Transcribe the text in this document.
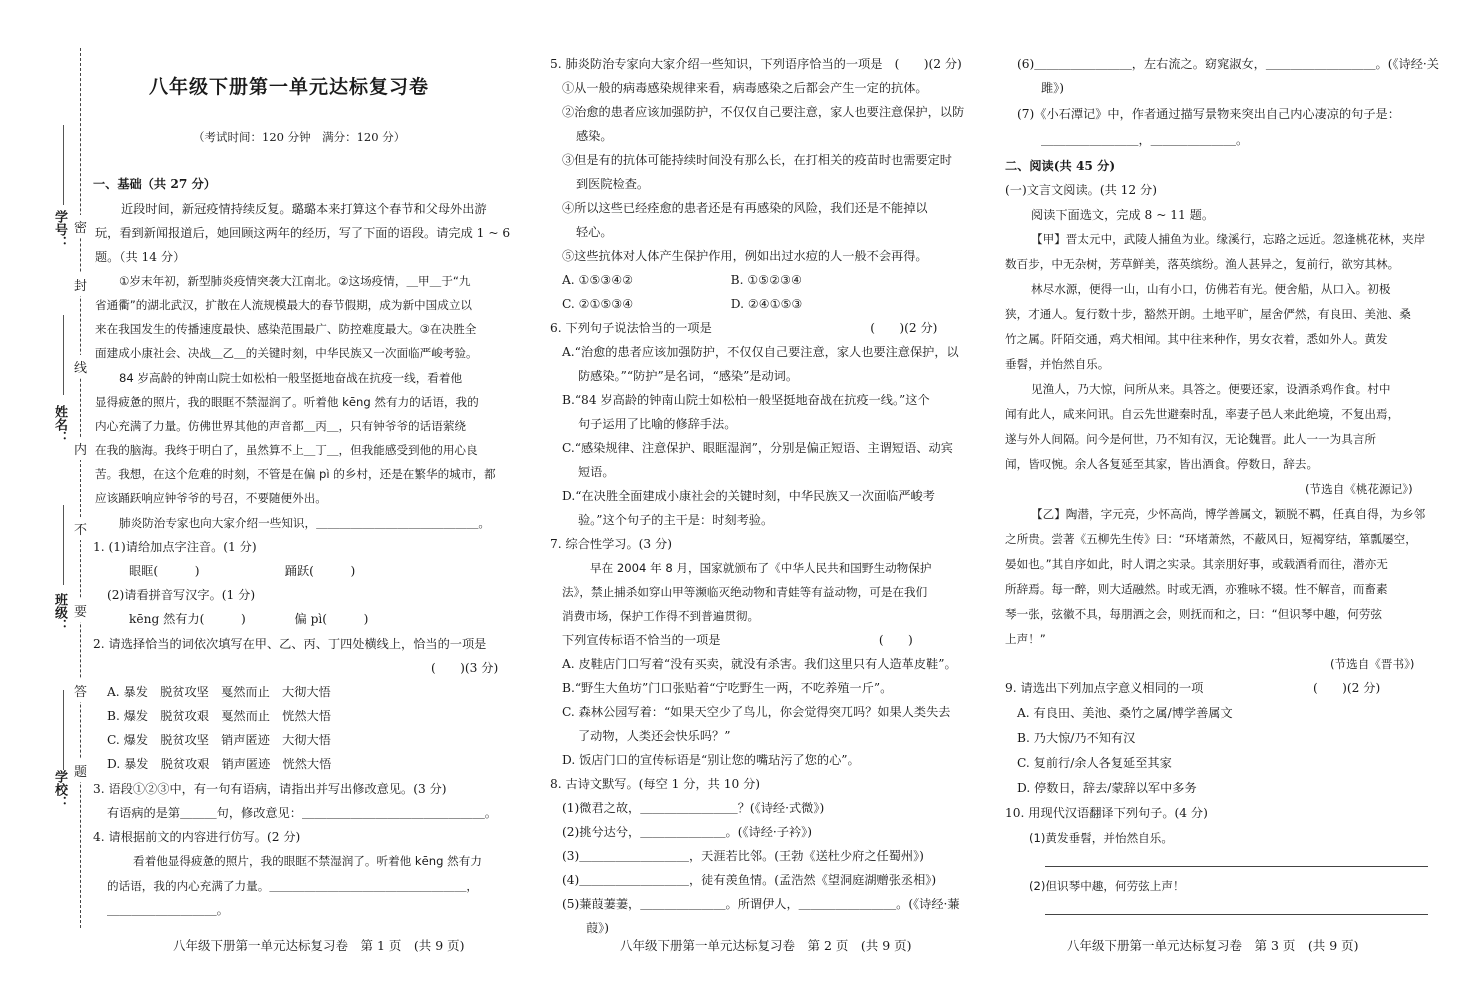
密
封
线
内
不
要
答
题
学号：
姓名：
班级：
学校：
八年级下册第一单元达标复习卷
（考试时间：120 分钟　满分：120 分）
一、基础（共 27 分）
近段时间，新冠疫情持续反复。璐璐本来打算这个春节和父母外出游
玩，看到新闻报道后，她回顾这两年的经历，写了下面的语段。请完成 1 ~ 6
题。（共 14 分）
①岁末年初，新型肺炎疫情突袭大江南北。②这场疫情，＿甲＿于“九
省通衢”的湖北武汉，扩散在人流规模最大的春节假期，成为新中国成立以
来在我国发生的传播速度最快、感染范围最广、防控难度最大。③在决胜全
面建成小康社会、决战＿乙＿的关键时刻，中华民族又一次面临严峻考验。
84 岁高龄的钟南山院士如松柏一般坚挺地奋战在抗疫一线，看着他
显得疲惫的照片，我的眼眶不禁湿润了。听着他 kēng 然有力的话语，我的
内心充满了力量。仿佛世界其他的声音都＿丙＿，只有钟爷爷的话语萦绕
在我的脑海。我终于明白了，虽然算不上＿丁＿，但我能感受到他的用心良
苦。我想，在这个危难的时刻，不管是在偏 pì 的乡村，还是在繁华的城市，都
应该踊跃响应钟爷爷的号召，不要随便外出。
肺炎防治专家也向大家介绍一些知识，＿＿＿＿＿＿＿＿＿＿＿＿＿＿。
1. (1)请给加点字注音。(1 分)
眼眶(　　　)　　　　　　　踊跃(　　　)
(2)请看拼音写汉字。(1 分)
kēng 然有力(　　　)　　　　偏 pì(　　　)
2. 请选择恰当的词依次填写在甲、乙、丙、丁四处横线上，恰当的一项是
(　　)(3 分)
A. 暴发　脱贫攻坚　戛然而止　大彻大悟
B. 爆发　脱贫攻艰　戛然而止　恍然大悟
C. 爆发　脱贫攻坚　销声匿迹　大彻大悟
D. 暴发　脱贫攻艰　销声匿迹　恍然大悟
3. 语段①②③中，有一句有语病，请指出并写出修改意见。(3 分)
有语病的是第＿＿＿句，修改意见：＿＿＿＿＿＿＿＿＿＿＿＿＿＿＿。
4. 请根据前文的内容进行仿写。(2 分)
看着他显得疲惫的照片，我的眼眶不禁湿润了。听着他 kēng 然有力
的话语，我的内心充满了力量。＿＿＿＿＿＿＿＿＿＿＿＿＿＿＿＿＿，
＿＿＿＿＿＿＿＿＿。
八年级下册第一单元达标复习卷　第 1 页　(共 9 页)
5. 肺炎防治专家向大家介绍一些知识，下列语序恰当的一项是　(　　)(2 分)
①从一般的病毒感染规律来看，病毒感染之后都会产生一定的抗体。
②治愈的患者应该加强防护，不仅仅自己要注意，家人也要注意保护，以防
感染。
③但是有的抗体可能持续时间没有那么长，在打相关的疫苗时也需要定时
到医院检查。
④所以这些已经痊愈的患者还是有再感染的风险，我们还是不能掉以
轻心。
⑤这些抗体对人体产生保护作用，例如出过水痘的人一般不会再得。
A. ①⑤③④②　　　　　　　　B. ①⑤②③④
C. ②①⑤③④　　　　　　　　D. ②④①⑤③
6. 下列句子说法恰当的一项是　　　　　　　　　　　　　(　　)(2 分)
A.“治愈的患者应该加强防护，不仅仅自己要注意，家人也要注意保护，以
防感染。”“防护”是名词，“感染”是动词。
B.“84 岁高龄的钟南山院士如松柏一般坚挺地奋战在抗疫一线。”这个
句子运用了比喻的修辞手法。
C.“感染规律、注意保护、眼眶湿润”，分别是偏正短语、主谓短语、动宾
短语。
D.“在决胜全面建成小康社会的关键时刻，中华民族又一次面临严峻考
验。”这个句子的主干是：时刻考验。
7. 综合性学习。(3 分)
早在 2004 年 8 月，国家就颁布了《中华人民共和国野生动物保护
法》，禁止捕杀如穿山甲等濒临灭绝动物和青蛙等有益动物，可是在我们
消费市场，保护工作得不到普遍贯彻。
下列宣传标语不恰当的一项是　　　　　　　　　　　　　(　　)
A. 皮鞋店门口写着“没有买卖，就没有杀害。我们这里只有人造革皮鞋”。
B.“野生大鱼坊”门口张贴着“宁吃野生一两，不吃养殖一斤”。
C. 森林公园写着：“如果天空少了鸟儿，你会觉得突兀吗？如果人类失去
了动物，人类还会快乐吗？”
D. 饭店门口的宣传标语是“别让您的嘴玷污了您的心”。
8. 古诗文默写。(每空 1 分，共 10 分)
(1)微君之故，＿＿＿＿＿＿＿＿？(《诗经·式微》)
(2)挑兮达兮，＿＿＿＿＿＿＿。(《诗经·子衿》)
(3)＿＿＿＿＿＿＿＿＿，天涯若比邻。(王勃《送杜少府之任蜀州》)
(4)＿＿＿＿＿＿＿＿＿，徒有羡鱼情。(孟浩然《望洞庭湖赠张丞相》)
(5)蒹葭萋萋，＿＿＿＿＿＿＿。所谓伊人，＿＿＿＿＿＿＿＿。(《诗经·蒹
葭》)
八年级下册第一单元达标复习卷　第 2 页　(共 9 页)
(6)＿＿＿＿＿＿＿＿，左右流之。窈窕淑女，＿＿＿＿＿＿＿＿＿。(《诗经·关
雎》)
(7)《小石潭记》中，作者通过描写景物来突出自己内心凄凉的句子是：
＿＿＿＿＿＿＿＿，＿＿＿＿＿＿＿。
二、阅读(共 45 分)
(一)文言文阅读。(共 12 分)
阅读下面选文，完成 8 ~ 11 题。
【甲】晋太元中，武陵人捕鱼为业。缘溪行，忘路之远近。忽逢桃花林，夹岸
数百步，中无杂树，芳草鲜美，落英缤纷。渔人甚异之，复前行，欲穷其林。
林尽水源，便得一山，山有小口，仿佛若有光。便舍船，从口入。初极
狭，才通人。复行数十步，豁然开朗。土地平旷，屋舍俨然，有良田、美池、桑
竹之属。阡陌交通，鸡犬相闻。其中往来种作，男女衣着，悉如外人。黄发
垂髫，并怡然自乐。
见渔人，乃大惊，问所从来。具答之。便要还家，设酒杀鸡作食。村中
闻有此人，咸来问讯。自云先世避秦时乱，率妻子邑人来此绝境，不复出焉，
遂与外人间隔。问今是何世，乃不知有汉，无论魏晋。此人一一为具言所
闻，皆叹惋。余人各复延至其家，皆出酒食。停数日，辞去。
(节选自《桃花源记》)
【乙】陶潜，字元亮，少怀高尚，博学善属文，颖脱不羁，任真自得，为乡邻
之所贵。尝著《五柳先生传》曰：“环堵萧然，不蔽风日，短褐穿结，箪瓢屡空，
晏如也。”其自序如此，时人谓之实录。其亲朋好事，或载酒肴而往，潜亦无
所辞焉。每一醉，则大适融然。时或无酒，亦雅咏不辍。性不解音，而畜素
琴一张，弦徽不具，每朋酒之会，则抚而和之，曰：“但识琴中趣，何劳弦
上声！”
(节选自《晋书》)
9. 请选出下列加点字意义相同的一项　　　　　　　　　(　　)(2 分)
A. 有良田、美池、桑竹之属/博学善属文
B. 乃大惊/乃不知有汉
C. 复前行/余人各复延至其家
D. 停数日，辞去/蒙辞以军中多务
10. 用现代汉语翻译下列句子。(4 分)
(1)黄发垂髫，并怡然自乐。
(2)但识琴中趣，何劳弦上声！
八年级下册第一单元达标复习卷　第 3 页　(共 9 页)
